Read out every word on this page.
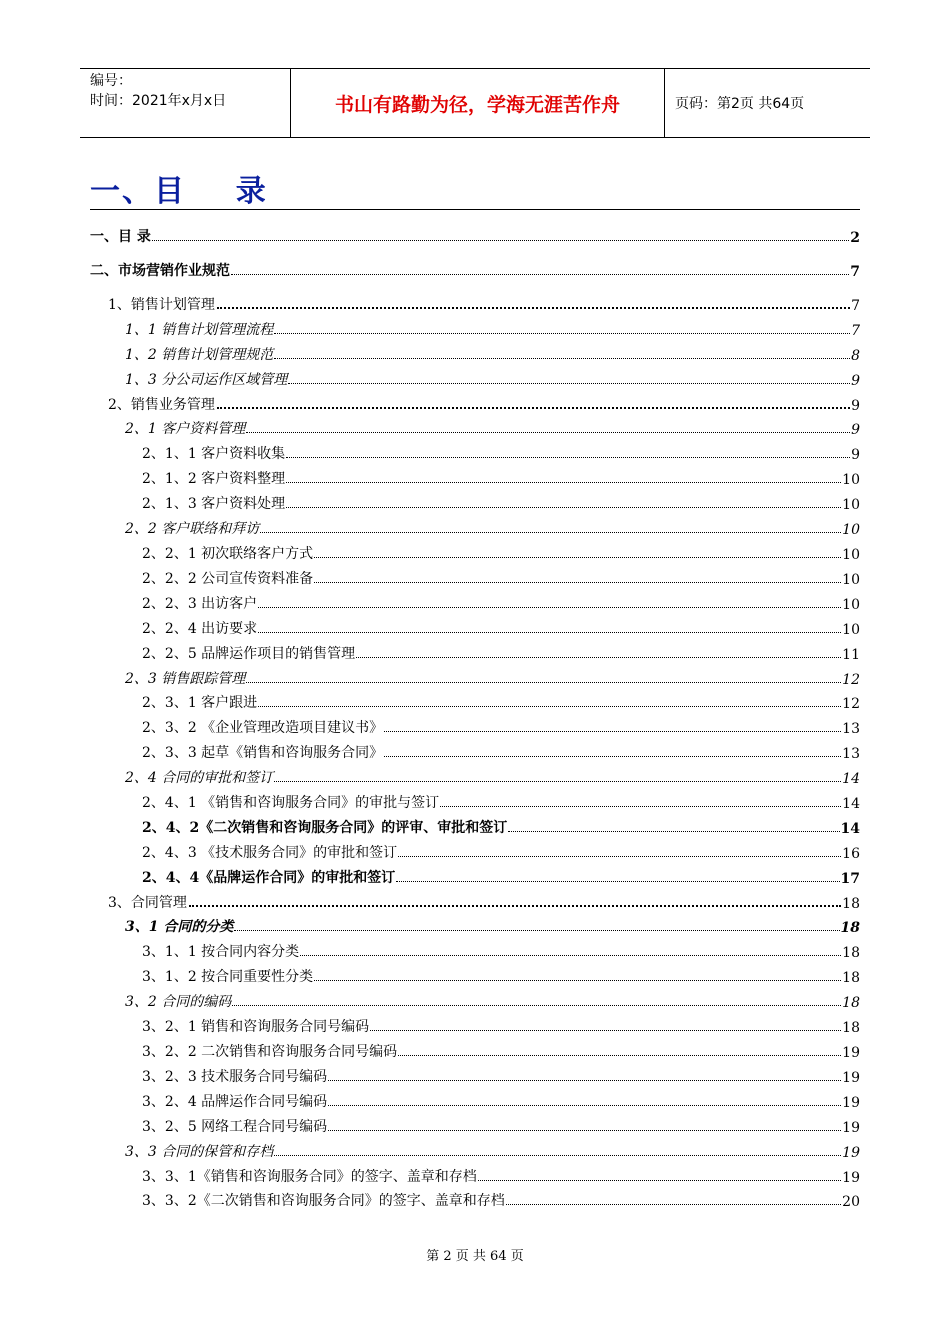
编号：
时间：2021年x月x日	书山有路勤为径，学海无涯苦作舟	页码：第2页 共64页
一、目    录
一、目 录	2
二、市场营销作业规范	7
1、销售计划管理	7
1、1 销售计划管理流程	7
1、2 销售计划管理规范	8
1、3 分公司运作区域管理	9
2、销售业务管理	9
2、1 客户资料管理	9
2、1、1 客户资料收集	9
2、1、2 客户资料整理	10
2、1、3 客户资料处理	10
2、2 客户联络和拜访	10
2、2、1 初次联络客户方式	10
2、2、2 公司宣传资料准备	10
2、2、3 出访客户	10
2、2、4 出访要求	10
2、2、5 品牌运作项目的销售管理	11
2、3 销售跟踪管理	12
2、3、1 客户跟进	12
2、3、2 《企业管理改造项目建议书》	13
2、3、3 起草《销售和咨询服务合同》	13
2、4 合同的审批和签订	14
2、4、1 《销售和咨询服务合同》的审批与签订	14
2、4、2《二次销售和咨询服务合同》的评审、审批和签订	14
2、4、3 《技术服务合同》的审批和签订	16
2、4、4《品牌运作合同》的审批和签订	17
3、合同管理	18
3、1 合同的分类	18
3、1、1 按合同内容分类	18
3、1、2 按合同重要性分类	18
3、2 合同的编码	18
3、2、1 销售和咨询服务合同号编码	18
3、2、2 二次销售和咨询服务合同号编码	19
3、2、3 技术服务合同号编码	19
3、2、4 品牌运作合同号编码	19
3、2、5 网络工程合同号编码	19
3、3 合同的保管和存档	19
3、3、1《销售和咨询服务合同》的签字、盖章和存档	19
3、3、2《二次销售和咨询服务合同》的签字、盖章和存档	20
第 2 页 共 64 页
